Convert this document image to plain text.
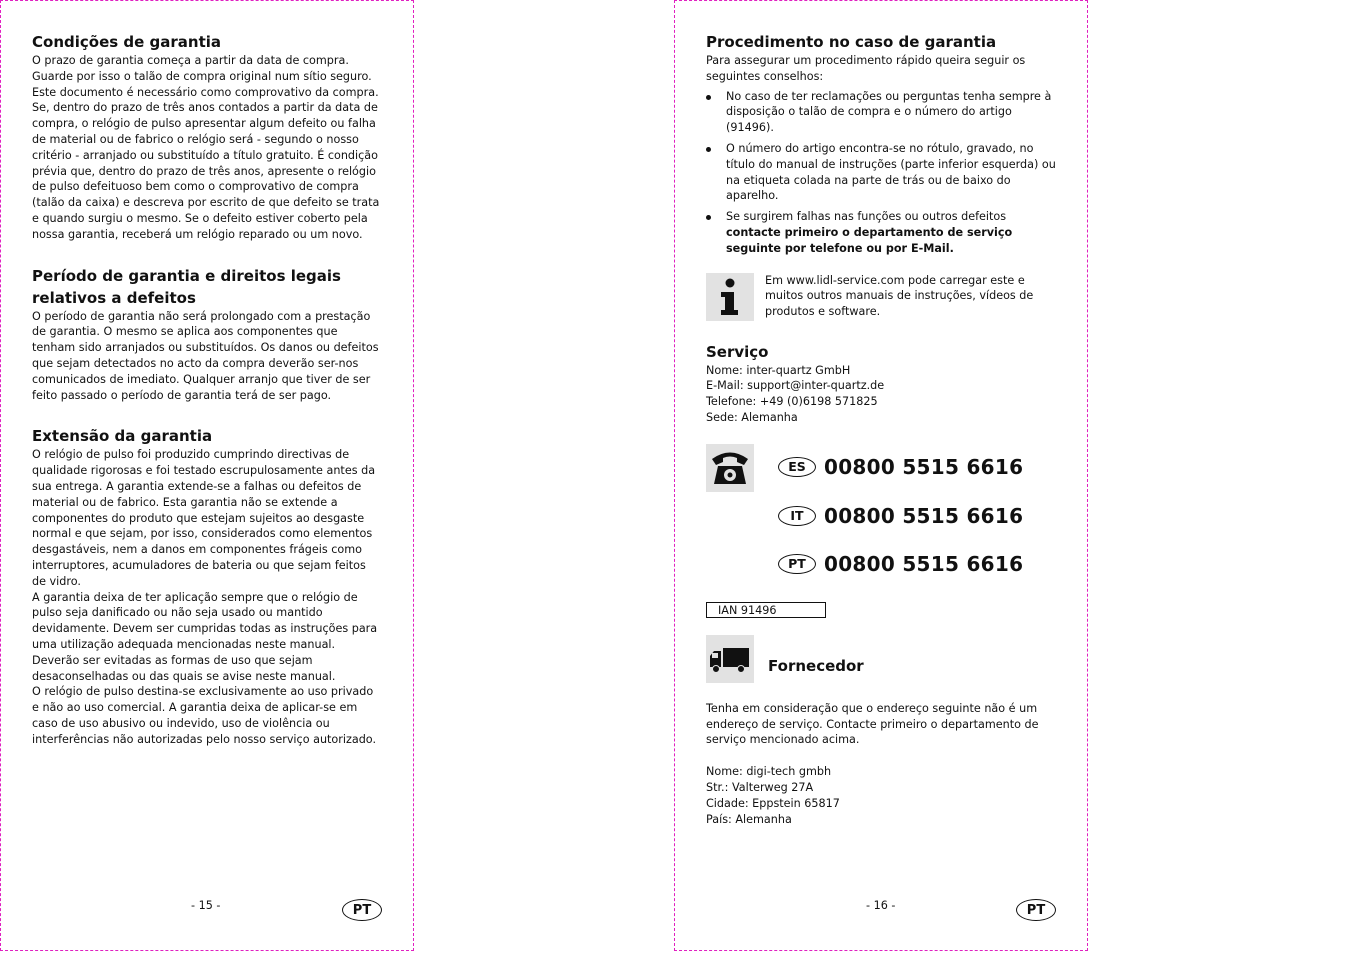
Condições de garantia

O prazo de garantia começa a partir da data de compra. Guarde por isso o talão de compra original num sítio seguro. Este documento é necessário como comprovativo da compra. Se, dentro do prazo de três anos contados a partir da data de compra, o relógio de pulso apresentar algum defeito ou falha de material ou de fabrico o relógio será - segundo o nosso critério - arranjado ou substituído a título gratuito. É condição prévia que, dentro do prazo de três anos, apresente o relógio de pulso defeituoso bem como o comprovativo de compra (talão da caixa) e descreva por escrito de que defeito se trata e quando surgiu o mesmo. Se o defeito estiver coberto pela nossa garantia, receberá um relógio reparado ou um novo.

Período de garantia e direitos legais relativos a defeitos

O período de garantia não será prolongado com a prestação de garantia. O mesmo se aplica aos componentes que tenham sido arranjados ou substituídos. Os danos ou defeitos que sejam detectados no acto da compra deverão ser-nos comunicados de imediato. Qualquer arranjo que tiver de ser feito passado o período de garantia terá de ser pago.

Extensão da garantia

O relógio de pulso foi produzido cumprindo directivas de qualidade rigorosas e foi testado escrupulosamente antes da sua entrega. A garantia extende-se a falhas ou defeitos de material ou de fabrico. Esta garantia não se extende a componentes do produto que estejam sujeitos ao desgaste normal e que sejam, por isso, considerados como elementos desgastáveis, nem a danos em componentes frágeis como interruptores, acumuladores de bateria ou que sejam feitos de vidro.

A garantia deixa de ter aplicação sempre que o relógio de pulso seja danificado ou não seja usado ou mantido devidamente. Devem ser cumpridas todas as instruções para uma utilização adequada mencionadas neste manual. Deverão ser evitadas as formas de uso que sejam desaconselhadas ou das quais se avise neste manual.

O relógio de pulso destina-se exclusivamente ao uso privado e não ao uso comercial. A garantia deixa de aplicar-se em caso de uso abusivo ou indevido, uso de violência ou interferências não autorizadas pelo nosso serviço autorizado.

- 15 -	PT
Procedimento no caso de garantia

Para assegurar um procedimento rápido queira seguir os seguintes conselhos:

No caso de ter reclamações ou perguntas tenha sempre à disposição o talão de compra e o número do artigo (91496).
O número do artigo encontra-se no rótulo, gravado, no título do manual de instruções (parte inferior esquerda) ou na etiqueta colada na parte de trás ou de baixo do aparelho.
Se surgirem falhas nas funções ou outros defeitos contacte primeiro o departamento de serviço seguinte por telefone ou por E-Mail.

Em www.lidl-service.com pode carregar este e muitos outros manuais de instruções, vídeos de produtos e software.

Serviço

Nome: inter-quartz GmbH

E-Mail: support@inter-quartz.de

Telefone: +49 (0)6198 571825

Sede: Alemanha

ES 00800 5515 6616
IT	00800 5515 6616
PT 00800 5515 6616
IAN 91496
Fornecedor

Tenha em consideração que o endereço seguinte não é um endereço de serviço. Contacte primeiro o departamento de serviço mencionado acima.

Nome: digi-tech gmbh

Str.: Valterweg 27A

Cidade: Eppstein 65817

País: Alemanha

- 16 -	PT
